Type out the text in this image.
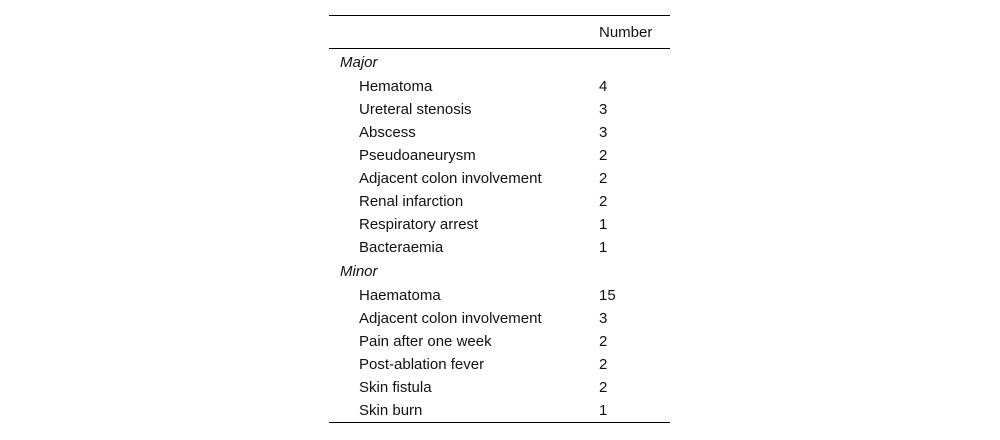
	Number
Major	
Hematoma	4
Ureteral stenosis	3
Abscess	3
Pseudoaneurysm	2
Adjacent colon involvement	2
Renal infarction	2
Respiratory arrest	1
Bacteraemia	1
Minor	
Haematoma	15
Adjacent colon involvement	3
Pain after one week	2
Post-ablation fever	2
Skin fistula	2
Skin burn	1
